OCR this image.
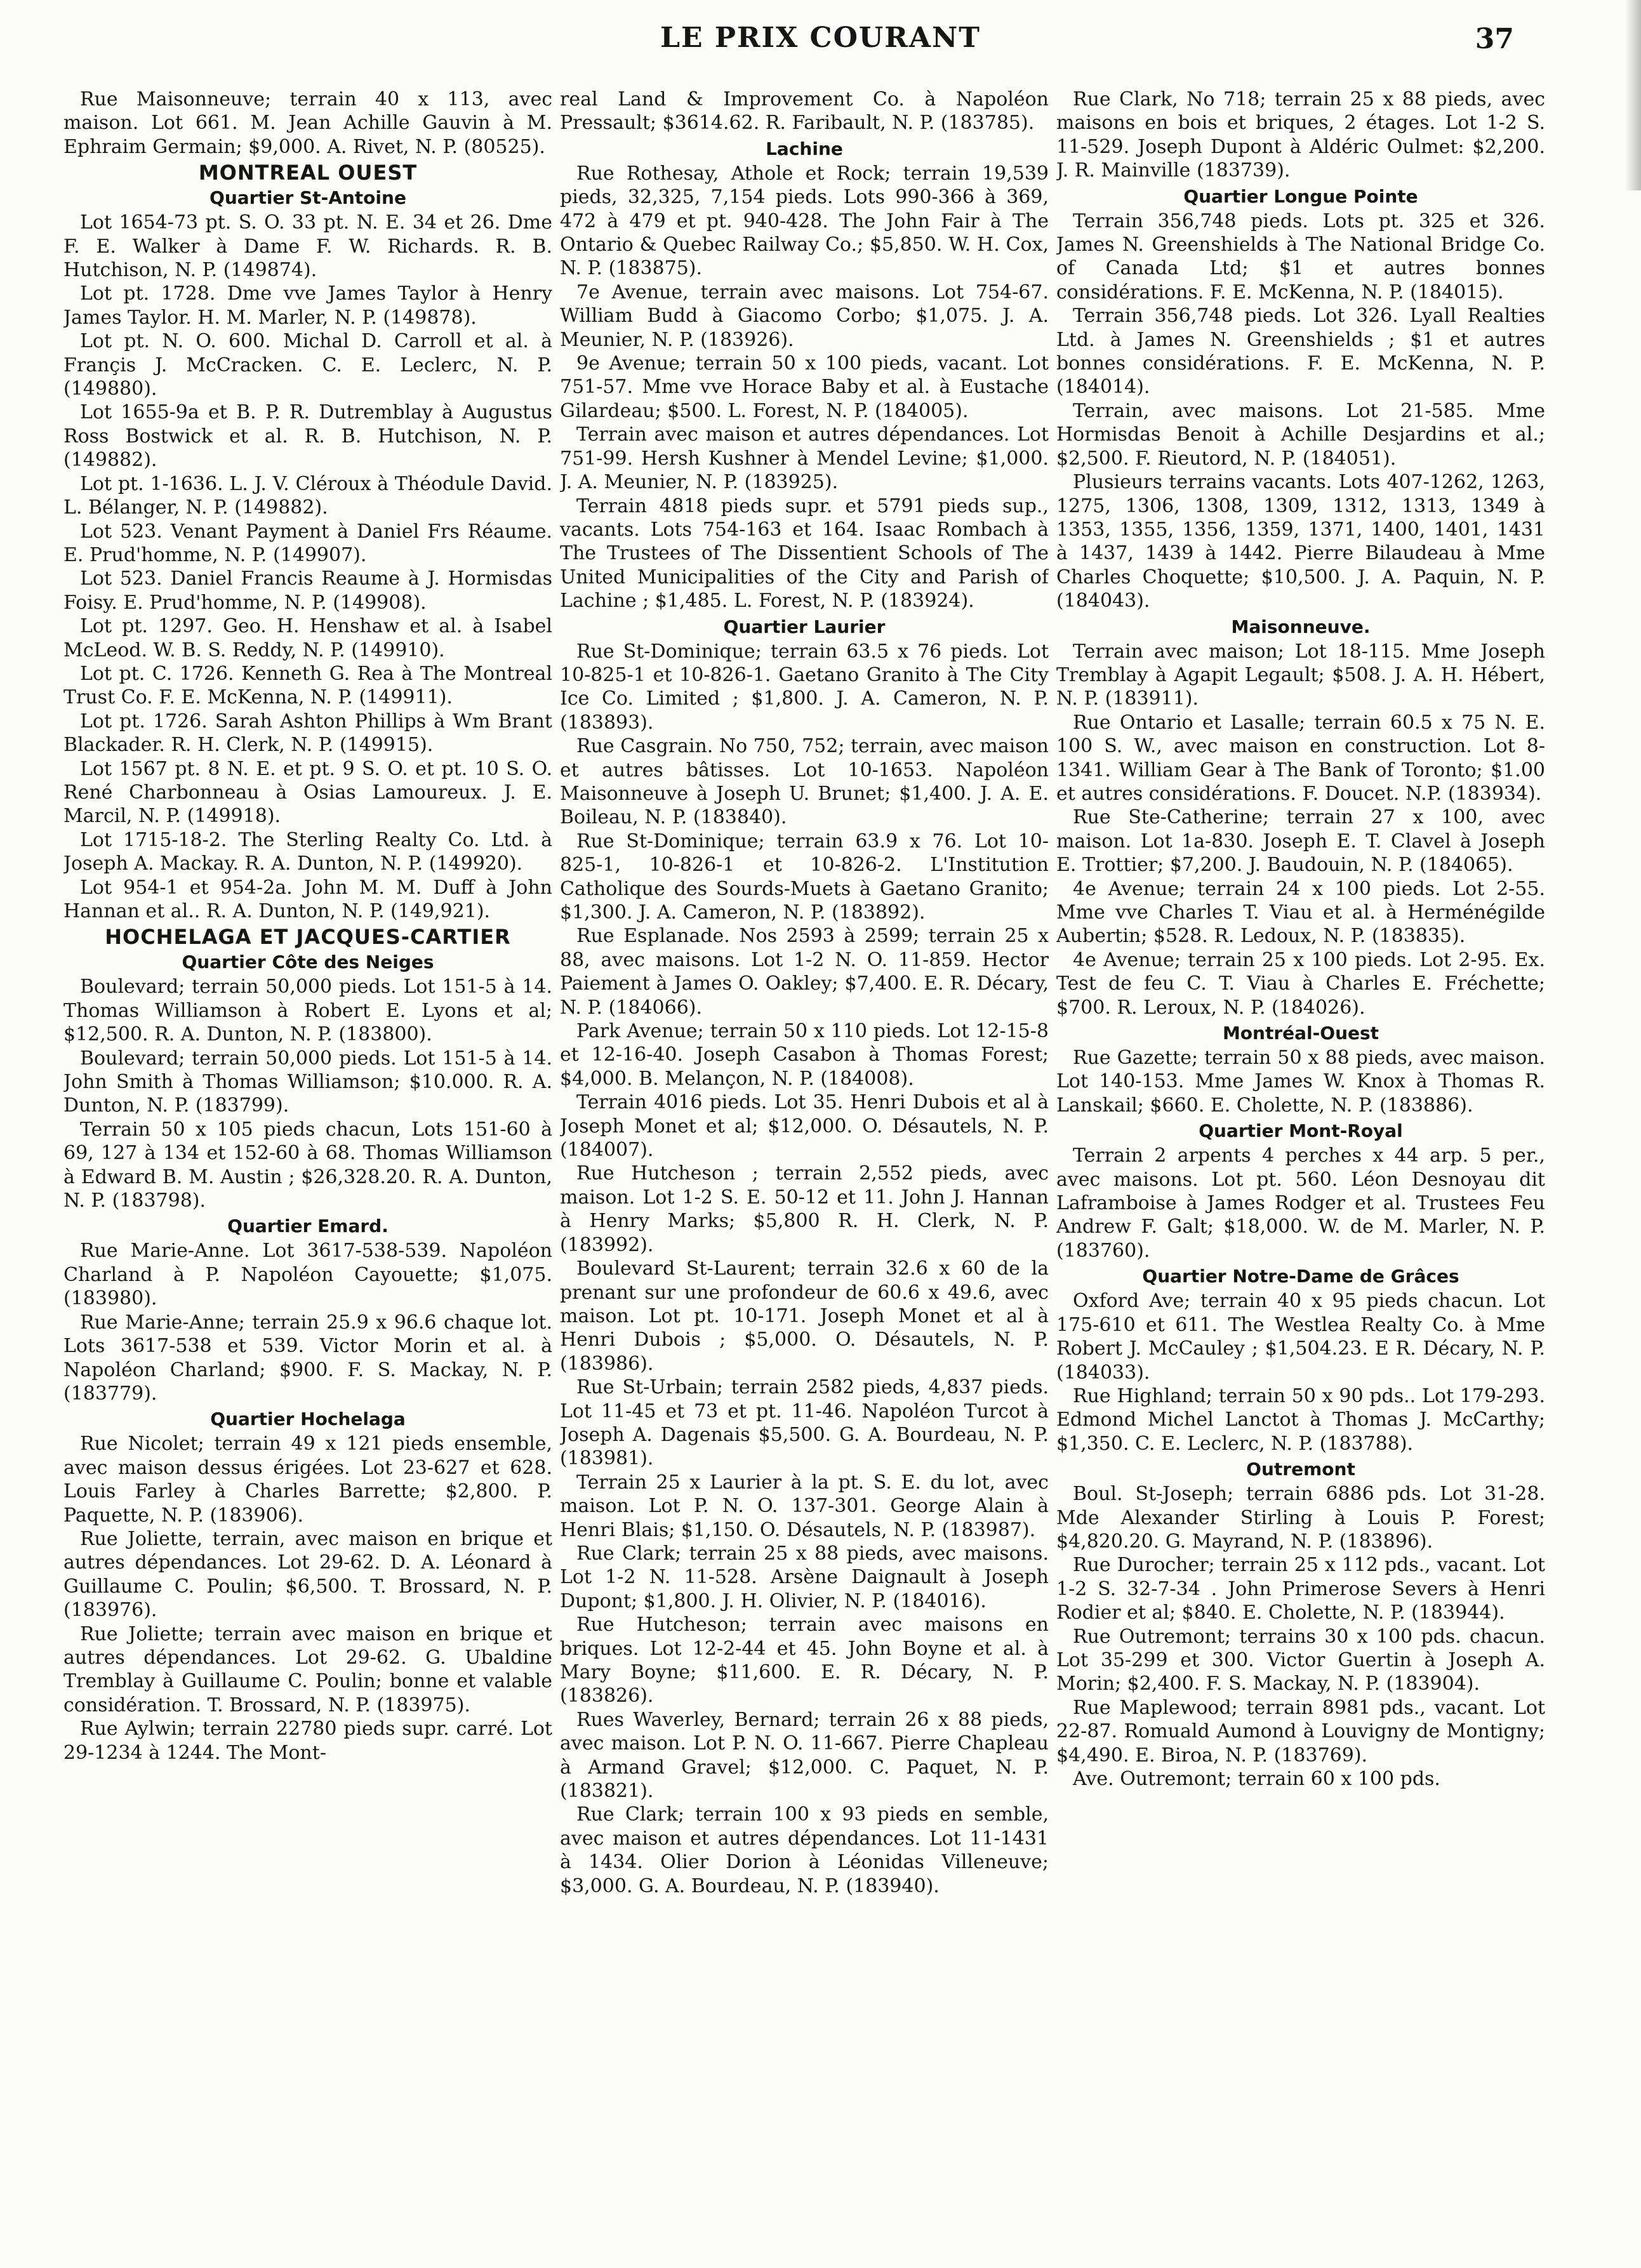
LE PRIX COURANT	37

Rue Maisonneuve; terrain 40 x 113, avec maison. Lot 661. M. Jean Achille Gauvin à M. Ephraim Germain; $9,000. A. Rivet, N. P. (80525).

MONTREAL OUEST

Quartier St-Antoine

Lot 1654-73 pt. S. O. 33 pt. N. E. 34 et 26. Dme F. E. Walker à Dame F. W. Richards. R. B. Hutchison, N. P. (149874).

Lot pt. 1728. Dme vve James Taylor à Henry James Taylor. H. M. Marler, N. P. (149878).

Lot pt. N. O. 600. Michal D. Carroll et al. à Françis J. McCracken. C. E. Leclerc, N. P. (149880).

Lot 1655-9a et B. P. R. Dutremblay à Augustus Ross Bostwick et al. R. B. Hutchison, N. P. (149882).

Lot pt. 1-1636. L. J. V. Cléroux à Théodule David. L. Bélanger, N. P. (149882).

Lot 523. Venant Payment à Daniel Frs Réaume. E. Prud'homme, N. P. (149907).

Lot 523. Daniel Francis Reaume à J. Hormisdas Foisy. E. Prud'homme, N. P. (149908).

Lot pt. 1297. Geo. H. Henshaw et al. à Isabel McLeod. W. B. S. Reddy, N. P. (149910).

Lot pt. C. 1726. Kenneth G. Rea à The Montreal Trust Co. F. E. McKenna, N. P. (149911).

Lot pt. 1726. Sarah Ashton Phillips à Wm Brant Blackader. R. H. Clerk, N. P. (149915).

Lot 1567 pt. 8 N. E. et pt. 9 S. O. et pt. 10 S. O. René Charbonneau à Osias Lamoureux. J. E. Marcil, N. P. (149918).

Lot 1715-18-2. The Sterling Realty Co. Ltd. à Joseph A. Mackay. R. A. Dunton, N. P. (149920).

Lot 954-1 et 954-2a. John M. M. Duff à John Hannan et al.. R. A. Dunton, N. P. (149,921).

HOCHELAGA ET JACQUES-CARTIER

Quartier Côte des Neiges

Boulevard; terrain 50,000 pieds. Lot 151-5 à 14. Thomas Williamson à Robert E. Lyons et al; $12,500. R. A. Dunton, N. P. (183800).

Boulevard; terrain 50,000 pieds. Lot 151-5 à 14. John Smith à Thomas Williamson; $10.000. R. A. Dunton, N. P. (183799).

Terrain 50 x 105 pieds chacun, Lots 151-60 à 69, 127 à 134 et 152-60 à 68. Thomas Williamson à Edward B. M. Austin ; $26,328.20. R. A. Dunton, N. P. (183798).

Quartier Emard.

Rue Marie-Anne. Lot 3617-538-539. Napoléon Charland à P. Napoléon Cayouette; $1,075. (183980).

Rue Marie-Anne; terrain 25.9 x 96.6 chaque lot. Lots 3617-538 et 539. Victor Morin et al. à Napoléon Charland; $900. F. S. Mackay, N. P. (183779).

Quartier Hochelaga

Rue Nicolet; terrain 49 x 121 pieds ensemble, avec maison dessus érigées. Lot 23-627 et 628. Louis Farley à Charles Barrette; $2,800. P. Paquette, N. P. (183906).

Rue Joliette, terrain, avec maison en brique et autres dépendances. Lot 29-62. D. A. Léonard à Guillaume C. Poulin; $6,500. T. Brossard, N. P. (183976).

Rue Joliette; terrain avec maison en brique et autres dépendances. Lot 29-62. G. Ubaldine Tremblay à Guillaume C. Poulin; bonne et valable considération. T. Brossard, N. P. (183975).

Rue Aylwin; terrain 22780 pieds supr. carré. Lot 29-1234 à 1244. The Mont-

real Land & Improvement Co. à Napoléon Pressault; $3614.62. R. Faribault, N. P. (183785).

Lachine

Rue Rothesay, Athole et Rock; terrain 19,539 pieds, 32,325, 7,154 pieds. Lots 990-366 à 369, 472 à 479 et pt. 940-428. The John Fair à The Ontario & Quebec Railway Co.; $5,850. W. H. Cox, N. P. (183875).

7e Avenue, terrain avec maisons. Lot 754-67. William Budd à Giacomo Corbo; $1,075. J. A. Meunier, N. P. (183926).

9e Avenue; terrain 50 x 100 pieds, vacant. Lot 751-57. Mme vve Horace Baby et al. à Eustache Gilardeau; $500. L. Forest, N. P. (184005).

Terrain avec maison et autres dépendances. Lot 751-99. Hersh Kushner à Mendel Levine; $1,000. J. A. Meunier, N. P. (183925).

Terrain 4818 pieds supr. et 5791 pieds sup., vacants. Lots 754-163 et 164. Isaac Rombach à The Trustees of The Dissentient Schools of The United Municipalities of the City and Parish of Lachine ; $1,485. L. Forest, N. P. (183924).

Quartier Laurier

Rue St-Dominique; terrain 63.5 x 76 pieds. Lot 10-825-1 et 10-826-1. Gaetano Granito à The City Ice Co. Limited ; $1,800. J. A. Cameron, N. P. (183893).

Rue Casgrain. No 750, 752; terrain, avec maison et autres bâtisses. Lot 10-1653. Napoléon Maisonneuve à Joseph U. Brunet; $1,400. J. A. E. Boileau, N. P. (183840).

Rue St-Dominique; terrain 63.9 x 76. Lot 10-825-1, 10-826-1 et 10-826-2. L'Institution Catholique des Sourds-Muets à Gaetano Granito; $1,300. J. A. Cameron, N. P. (183892).

Rue Esplanade. Nos 2593 à 2599; terrain 25 x 88, avec maisons. Lot 1-2 N. O. 11-859. Hector Paiement à James O. Oakley; $7,400. E. R. Décary, N. P. (184066).

Park Avenue; terrain 50 x 110 pieds. Lot 12-15-8 et 12-16-40. Joseph Casabon à Thomas Forest; $4,000. B. Melançon, N. P. (184008).

Terrain 4016 pieds. Lot 35. Henri Dubois et al à Joseph Monet et al; $12,000. O. Désautels, N. P. (184007).

Rue Hutcheson ; terrain 2,552 pieds, avec maison. Lot 1-2 S. E. 50-12 et 11. John J. Hannan à Henry Marks; $5,800 R. H. Clerk, N. P. (183992).

Boulevard St-Laurent; terrain 32.6 x 60 de la prenant sur une profondeur de 60.6 x 49.6, avec maison. Lot pt. 10-171. Joseph Monet et al à Henri Dubois ; $5,000. O. Désautels, N. P. (183986).

Rue St-Urbain; terrain 2582 pieds, 4,837 pieds. Lot 11-45 et 73 et pt. 11-46. Napoléon Turcot à Joseph A. Dagenais $5,500. G. A. Bourdeau, N. P. (183981).

Terrain 25 x Laurier à la pt. S. E. du lot, avec maison. Lot P. N. O. 137-301. George Alain à Henri Blais; $1,150. O. Désautels, N. P. (183987).

Rue Clark; terrain 25 x 88 pieds, avec maisons. Lot 1-2 N. 11-528. Arsène Daignault à Joseph Dupont; $1,800. J. H. Olivier, N. P. (184016).

Rue Hutcheson; terrain avec maisons en briques. Lot 12-2-44 et 45. John Boyne et al. à Mary Boyne; $11,600. E. R. Décary, N. P. (183826).

Rues Waverley, Bernard; terrain 26 x 88 pieds, avec maison. Lot P. N. O. 11-667. Pierre Chapleau à Armand Gravel; $12,000. C. Paquet, N. P. (183821).

Rue Clark; terrain 100 x 93 pieds en semble, avec maison et autres dépendances. Lot 11-1431 à 1434. Olier Dorion à Léonidas Villeneuve; $3,000. G. A. Bourdeau, N. P. (183940).

Rue Clark, No 718; terrain 25 x 88 pieds, avec maisons en bois et briques, 2 étages. Lot 1-2 S. 11-529. Joseph Dupont à Aldéric Oulmet: $2,200. J. R. Mainville (183739).

Quartier Longue Pointe

Terrain 356,748 pieds. Lots pt. 325 et 326. James N. Greenshields à The National Bridge Co. of Canada Ltd; $1 et autres bonnes considérations. F. E. McKenna, N. P. (184015).

Terrain 356,748 pieds. Lot 326. Lyall Realties Ltd. à James N. Greenshields ; $1 et autres bonnes considérations. F. E. McKenna, N. P. (184014).

Terrain, avec maisons. Lot 21-585. Mme Hormisdas Benoit à Achille Desjardins et al.; $2,500. F. Rieutord, N. P. (184051).

Plusieurs terrains vacants. Lots 407-1262, 1263, 1275, 1306, 1308, 1309, 1312, 1313, 1349 à 1353, 1355, 1356, 1359, 1371, 1400, 1401, 1431 à 1437, 1439 à 1442. Pierre Bilaudeau à Mme Charles Choquette; $10,500. J. A. Paquin, N. P. (184043).

Maisonneuve.

Terrain avec maison; Lot 18-115. Mme Joseph Tremblay à Agapit Legault; $508. J. A. H. Hébert, N. P. (183911).

Rue Ontario et Lasalle; terrain 60.5 x 75 N. E. 100 S. W., avec maison en construction. Lot 8-1341. William Gear à The Bank of Toronto; $1.00 et autres considérations. F. Doucet. N.P. (183934).

Rue Ste-Catherine; terrain 27 x 100, avec maison. Lot 1a-830. Joseph E. T. Clavel à Joseph E. Trottier; $7,200. J. Baudouin, N. P. (184065).

4e Avenue; terrain 24 x 100 pieds. Lot 2-55. Mme vve Charles T. Viau et al. à Herménégilde Aubertin; $528. R. Ledoux, N. P. (183835).

4e Avenue; terrain 25 x 100 pieds. Lot 2-95. Ex. Test de feu C. T. Viau à Charles E. Fréchette; $700. R. Leroux, N. P. (184026).

Montréal-Ouest

Rue Gazette; terrain 50 x 88 pieds, avec maison. Lot 140-153. Mme James W. Knox à Thomas R. Lanskail; $660. E. Cholette, N. P. (183886).

Quartier Mont-Royal

Terrain 2 arpents 4 perches x 44 arp. 5 per., avec maisons. Lot pt. 560. Léon Desnoyau dit Laframboise à James Rodger et al. Trustees Feu Andrew F. Galt; $18,000. W. de M. Marler, N. P. (183760).

Quartier Notre-Dame de Grâces

Oxford Ave; terrain 40 x 95 pieds chacun. Lot 175-610 et 611. The Westlea Realty Co. à Mme Robert J. McCauley ; $1,504.23. E R. Décary, N. P. (184033).

Rue Highland; terrain 50 x 90 pds.. Lot 179-293. Edmond Michel Lanctot à Thomas J. McCarthy; $1,350. C. E. Leclerc, N. P. (183788).

Outremont

Boul. St-Joseph; terrain 6886 pds. Lot 31-28. Mde Alexander Stirling à Louis P. Forest; $4,820.20. G. Mayrand, N. P. (183896).

Rue Durocher; terrain 25 x 112 pds., vacant. Lot 1-2 S. 32-7-34 . John Primerose Severs à Henri Rodier et al; $840. E. Cholette, N. P. (183944).

Rue Outremont; terrains 30 x 100 pds. chacun. Lot 35-299 et 300. Victor Guertin à Joseph A. Morin; $2,400. F. S. Mackay, N. P. (183904).

Rue Maplewood; terrain 8981 pds., vacant. Lot 22-87. Romuald Aumond à Louvigny de Montigny; $4,490. E. Biroa, N. P. (183769).

Ave. Outremont; terrain 60 x 100 pds.
